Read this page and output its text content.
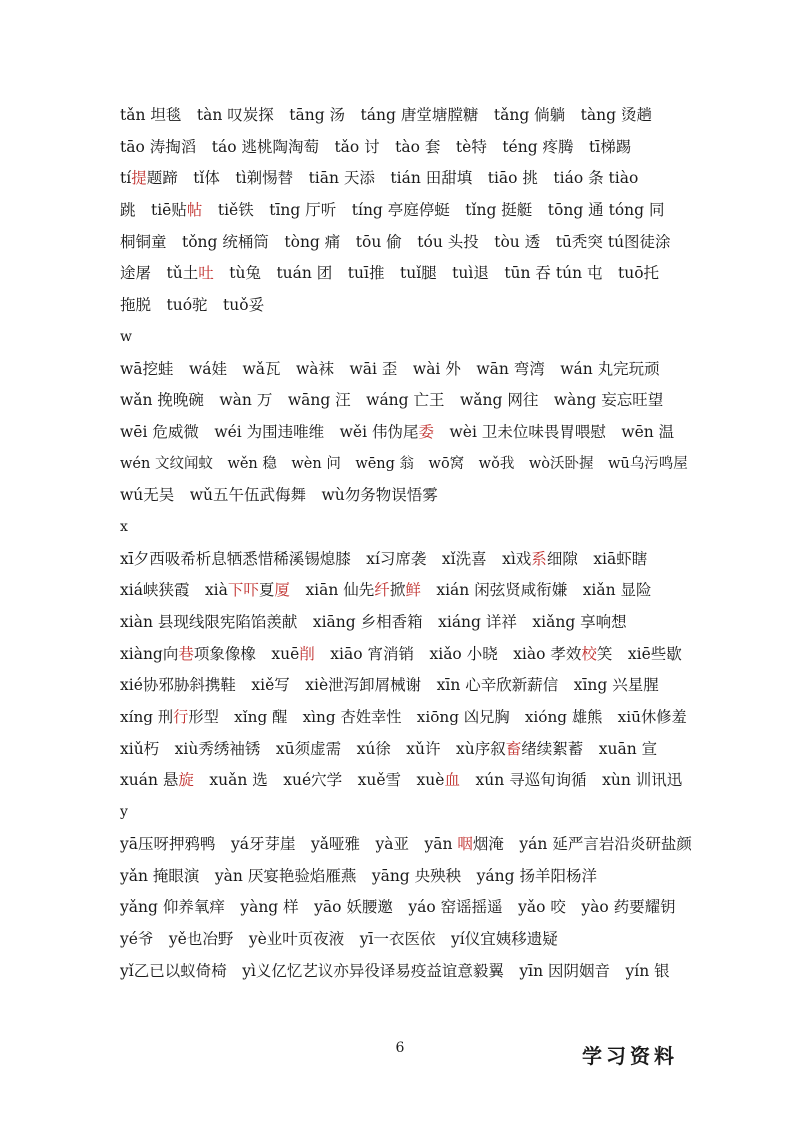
tǎn 坦毯　tàn 叹炭探　tāng 汤　táng 唐堂塘膛糖　tǎng 倘躺　tàng 烫趟
tāo 涛掏滔　táo 逃桃陶淘萄　tǎo 讨　tào 套　tè特　téng 疼腾　tī梯踢
tí提题蹄　tǐ体　tì剃惕替　tiān 天添　tián 田甜填　tiāo 挑　tiáo 条 tiào
跳　tiē贴帖　tiě铁　tīng 厅听　tíng 亭庭停蜓　tǐng 挺艇　tōng 通 tóng 同
桐铜童　tǒng 统桶筒　tòng 痛　tōu 偷　tóu 头投　tòu 透　tū秃突 tú图徒涂
途屠　tǔ土吐　tù兔　tuán 团　tuī推　tuǐ腿　tuì退　tūn 吞 tún 屯　tuō托
拖脱　tuó驼　tuǒ妥
w
wā挖蛙　wá娃　wǎ瓦　wà袜　wāi 歪　wài 外　wān 弯湾　wán 丸完玩顽
wǎn 挽晚碗　wàn 万　wāng 汪　wáng 亡王　wǎng 网往　wàng 妄忘旺望
wēi 危威微　wéi 为围违唯维　wěi 伟伪尾委　wèi 卫未位味畏胃喂慰　wēn 温
wén 文纹闻蚊　wěn 稳　wèn 问　wēng 翁　wō窝　wǒ我　wò沃卧握　wū乌污鸣屋
wú无吴　wǔ五午伍武侮舞　wù勿务物误悟雾
x
xī夕西吸希析息牺悉惜稀溪锡熄膝　xí习席袭　xǐ洗喜　xì戏系细隙　xiā虾瞎
xiá峡狭霞　xià下吓夏厦　xiān 仙先纤掀鲜　xián 闲弦贤咸衔嫌　xiǎn 显险
xiàn 县现线限宪陷馅羡献　xiāng 乡相香箱　xiáng 详祥　xiǎng 享响想
xiàng向巷项象像橡　xuē削　xiāo 宵消销　xiǎo 小晓　xiào 孝效校笑　xiē些歇
xié协邪胁斜携鞋　xiě写　xiè泄泻卸屑械谢　xīn 心辛欣新薪信　xīng 兴星腥
xíng 刑行形型　xǐng 醒　xìng 杏姓幸性　xiōng 凶兄胸　xióng 雄熊　xiū休修羞
xiǔ朽　xiù秀绣袖锈　xū须虚需　xú徐　xǔ许　xù序叙畜绪续絮蓄　xuān 宣
xuán 悬旋　xuǎn 选　xué穴学　xuě雪　xuè血　xún 寻巡旬询循　xùn 训讯迅
y
yā压呀押鸦鸭　yá牙芽崖　yǎ哑雅　yà亚　yān 咽烟淹　yán 延严言岩沿炎研盐颜
yǎn 掩眼演　yàn 厌宴艳验焰雁燕　yāng 央殃秧　yáng 扬羊阳杨洋
yǎng 仰养氧痒　yàng 样　yāo 妖腰邀　yáo 窑谣摇遥　yǎo 咬　yào 药要耀钥
yé爷　yě也冶野　yè业叶页夜液　yī一衣医依　yí仪宜姨移遗疑
yǐ乙已以蚁倚椅　yì义亿忆艺议亦异役译易疫益谊意毅翼　yīn 因阴姻音　yín 银
6	学习资料
